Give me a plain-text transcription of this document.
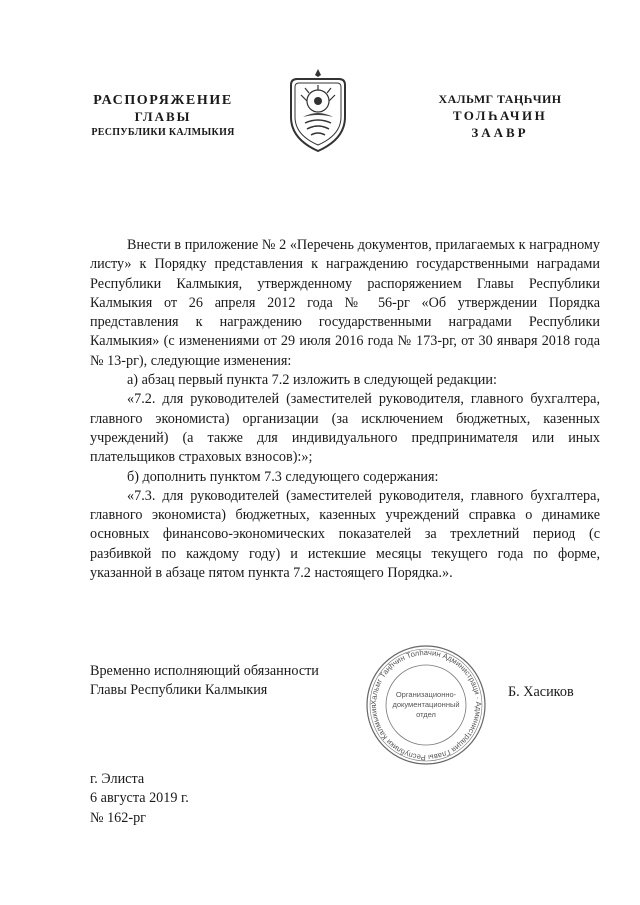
РАСПОРЯЖЕНИЕ
ГЛАВЫ
РЕСПУБЛИКИ КАЛМЫКИЯ
ХАЛЬМГ ТАҢҺЧИН
ТОЛҺАЧИН
ЗААВР

Внести в приложение № 2 «Перечень документов, прилагаемых к наградному листу» к Порядку представления к награждению государственными наградами Республики Калмыкия, утвержденному распоряжением Главы Республики Калмыкия от 26 апреля 2012 года № 56-рг «Об утверждении Порядка представления к награждению государственными наградами Республики Калмыкия» (с изменениями от 29 июля 2016 года № 173-рг, от 30 января 2018 года № 13-рг), следующие изменения:

а) абзац первый пункта 7.2 изложить в следующей редакции:

«7.2. для руководителей (заместителей руководителя, главного бухгалтера, главного экономиста) организации (за исключением бюджетных, казенных учреждений) (а также для индивидуального предпринимателя или иных плательщиков страховых взносов):»;

б) дополнить пунктом 7.3 следующего содержания:

«7.3. для руководителей (заместителей руководителя, главного бухгалтера, главного экономиста) бюджетных, казенных учреждений справка о динамике основных финансово-экономических показателей за трехлетний период (с разбивкой по каждому году) и истекшие месяцы текущего года по форме, указанной в абзаце пятом пункта 7.2 настоящего Порядка.».

Временно исполняющий обязанности
Главы Республики Калмыкия
Хальмг Таңһчин Толһачин Администраци · Администрация Главы Республики Калмыкия
Организационно-
документационный
отдел
Б. Хасиков
г. Элиста
6 августа 2019 г.
№ 162-рг
